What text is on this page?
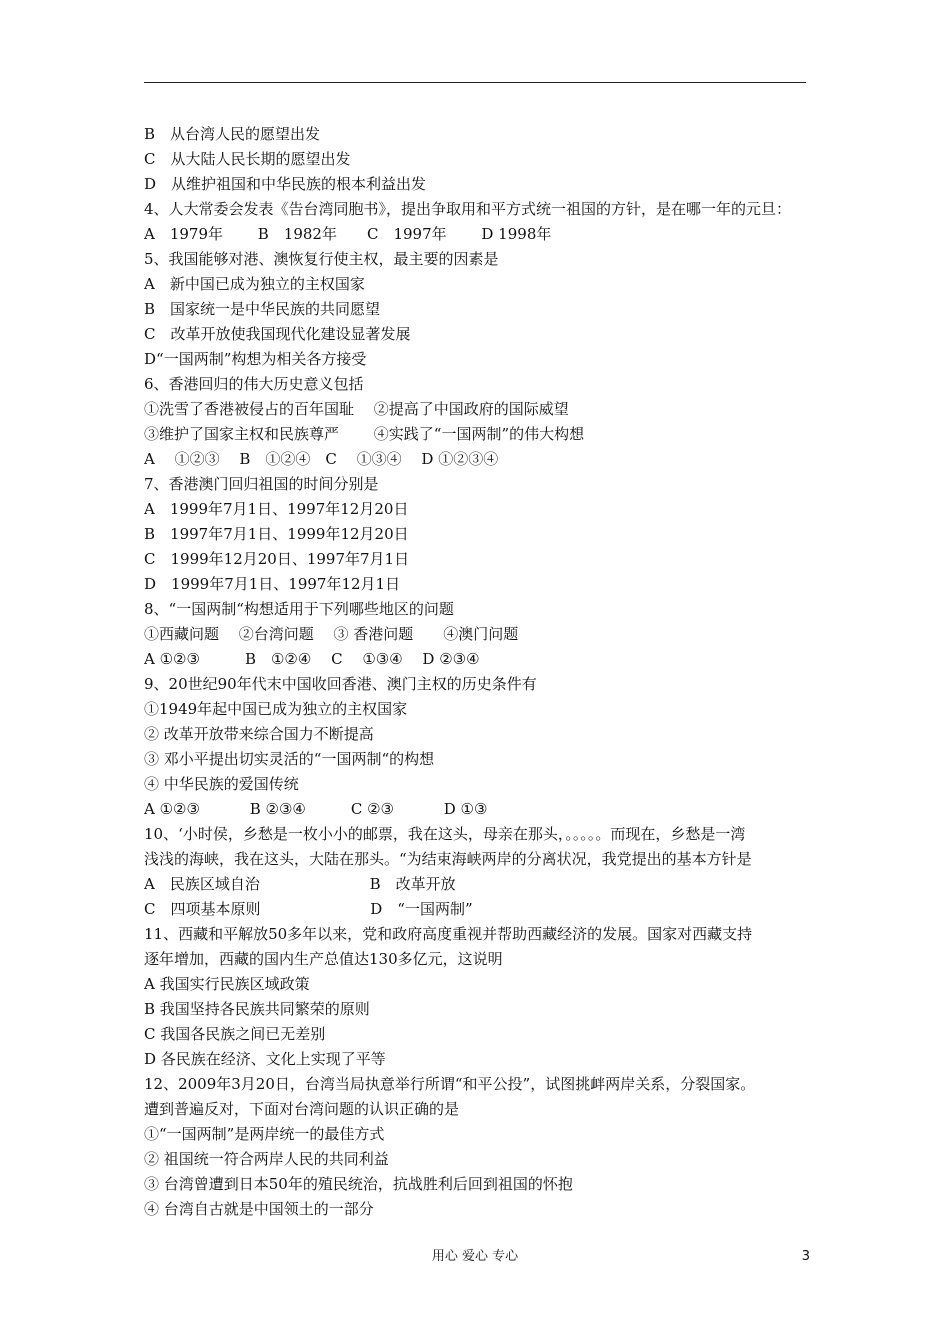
B　从台湾人民的愿望出发
C　从大陆人民长期的愿望出发
D　从维护祖国和中华民族的根本利益出发
4、人大常委会发表《告台湾同胞书》，提出争取用和平方式统一祖国的方针，是在哪一年的元旦：
A　1979年　　 B　1982年　　C　1997年　　 D 1998年
5、我国能够对港、澳恢复行使主权，最主要的因素是
A　新中国已成为独立的主权国家
B　国家统一是中华民族的共同愿望
C　改革开放使我国现代化建设显著发展
D“一国两制”构想为相关各方接受
6、香港回归的伟大历史意义包括
①洗雪了香港被侵占的百年国耻　 ②提高了中国政府的国际威望
③维护了国家主权和民族尊严　　 ④实践了“一国两制”的伟大构想
A　 ①②③　 B　①②④　C　 ①③④　 D ①②③④
7、香港澳门回归祖国的时间分别是
A　1999年7月1日、1997年12月20日
B　1997年7月1日、1999年12月20日
C　1999年12月20日、1997年7月1日
D　1999年7月1日、1997年12月1日
8、“一国两制“构想适用于下列哪些地区的问题
①西藏问题　 ②台湾问题　 ③ 香港问题　　④澳门问题
A ①②③　　　B　①②④　 C　 ①③④　 D ②③④
9、20世纪90年代末中国收回香港、澳门主权的历史条件有
①1949年起中国已成为独立的主权国家
② 改革开放带来综合国力不断提高
③ 邓小平提出切实灵活的“一国两制“的构想
④ 中华民族的爱国传统
A ①②③　　　 B ②③④　　　C ②③　　　 D ①③
10、‘小时侯，乡愁是一枚小小的邮票，我在这头，母亲在那头，。。。。。而现在，乡愁是一湾
浅浅的海峡，我在这头，大陆在那头。“为结束海峡两岸的分离状况，我党提出的基本方针是
A　民族区域自治　　　　　　　 B　改革开放
C　四项基本原则　　　　　　　 D　“一国两制”
11、西藏和平解放50多年以来，党和政府高度重视并帮助西藏经济的发展。国家对西藏支持
逐年增加，西藏的国内生产总值达130多亿元，这说明
A 我国实行民族区域政策
B 我国坚持各民族共同繁荣的原则
C 我国各民族之间已无差别
D 各民族在经济、文化上实现了平等
12、2009年3月20日，台湾当局执意举行所谓“和平公投”，试图挑衅两岸关系，分裂国家。
遭到普遍反对，下面对台湾问题的认识正确的是
①“一国两制”是两岸统一的最佳方式
② 祖国统一符合两岸人民的共同利益
③ 台湾曾遭到日本50年的殖民统治，抗战胜利后回到祖国的怀抱
④ 台湾自古就是中国领土的一部分
用心 爱心 专心	3
